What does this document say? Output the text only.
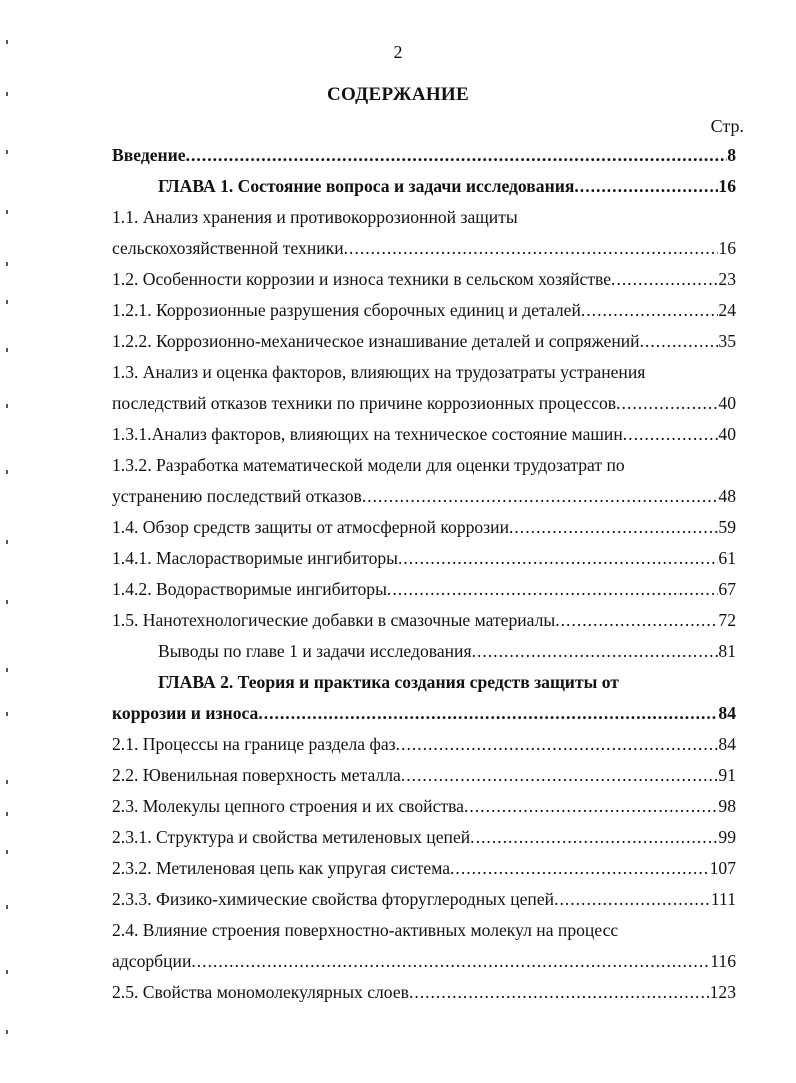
2
СОДЕРЖАНИЕ
Стр.
Введение .....	8
ГЛАВА 1. Состояние вопроса и задачи исследования .....	16
1.1. Анализ хранения и противокоррозионной защиты
сельскохозяйственной техники .....	16
1.2. Особенности коррозии и износа техники в сельском хозяйстве .....	23
1.2.1. Коррозионные разрушения сборочных единиц и деталей .....	24
1.2.2. Коррозионно-механическое изнашивание деталей и сопряжений .....	35
1.3. Анализ и оценка факторов, влияющих на трудозатраты устранения
последствий отказов техники по причине коррозионных процессов .....	40
1.3.1.Анализ факторов, влияющих на техническое состояние машин .....	40
1.3.2. Разработка математической модели для оценки трудозатрат по
устранению последствий отказов .....	48
1.4. Обзор средств защиты от атмосферной коррозии .....	59
1.4.1. Маслорастворимые ингибиторы .....	61
1.4.2. Водорастворимые ингибиторы .....	67
1.5. Нанотехнологические добавки в смазочные материалы .....	72
Выводы по главе 1 и задачи исследования .....	81
ГЛАВА 2. Теория и практика создания средств защиты от
коррозии и износа .....	84
2.1. Процессы на границе раздела фаз .....	84
2.2. Ювенильная поверхность металла .....	91
2.3. Молекулы цепного строения и их свойства .....	98
2.3.1. Структура и свойства метиленовых цепей .....	99
2.3.2. Метиленовая цепь как упругая система .....	107
2.3.3. Физико-химические свойства фторуглеродных цепей .....	111
2.4. Влияние строения поверхностно-активных молекул на процесс
адсорбции .....	116
2.5. Свойства мономолекулярных слоев .....	123
